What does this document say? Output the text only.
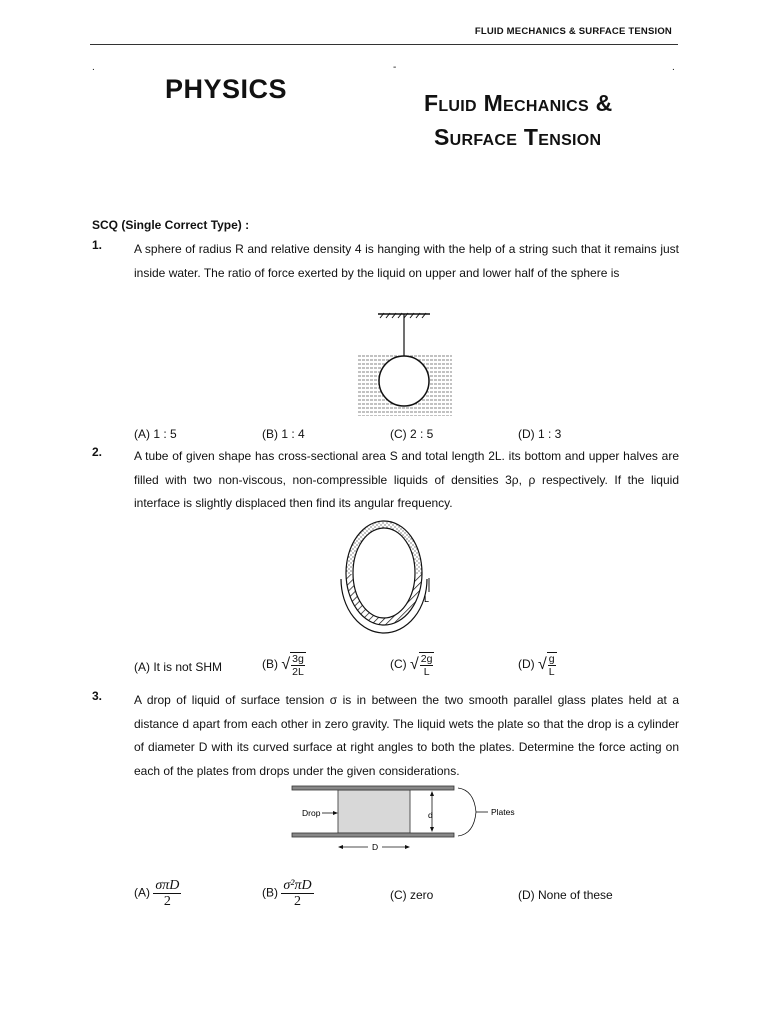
FLUID MECHANICS & SURFACE TENSION
.	-	.
PHYSICS	Fluid Mechanics &
Surface Tension
SCQ (Single Correct Type) :
1.	A sphere of radius R and relative density 4 is hanging with the help of a string such that it remains just inside water. The ratio of force exerted by the liquid on upper and lower half of the sphere is
(A) 1 : 5	(B) 1 : 4	(C) 2 : 5	(D) 1 : 3
2.	A tube of given shape has cross-sectional area S and total length 2L. its bottom and upper halves are filled with two non-viscous, non-compressible liquids of densities 3ρ, ρ respectively. If the liquid interface is slightly displaced then find its angular frequency.
L
(A) It is not SHM	(B) √ $\frac{3g}{2L}$	(C) √ $\frac{2g}{L}$	(D) √ $\frac{g}{L}$
3.	A drop of liquid of surface tension σ is in between the two smooth parallel glass plates held at a distance d apart from each other in zero gravity. The liquid wets the plate so that the drop is a cylinder of diameter D with its curved surface at right angles to both the plates. Determine the force acting on each of the plates from drops under the given considerations.
Drop	d	Plates
D
$(A) \frac{\text{σπD}}{2}$	$(B) \frac{\text{σ²πD}}{2}$	(C) zero	(D) None of these
